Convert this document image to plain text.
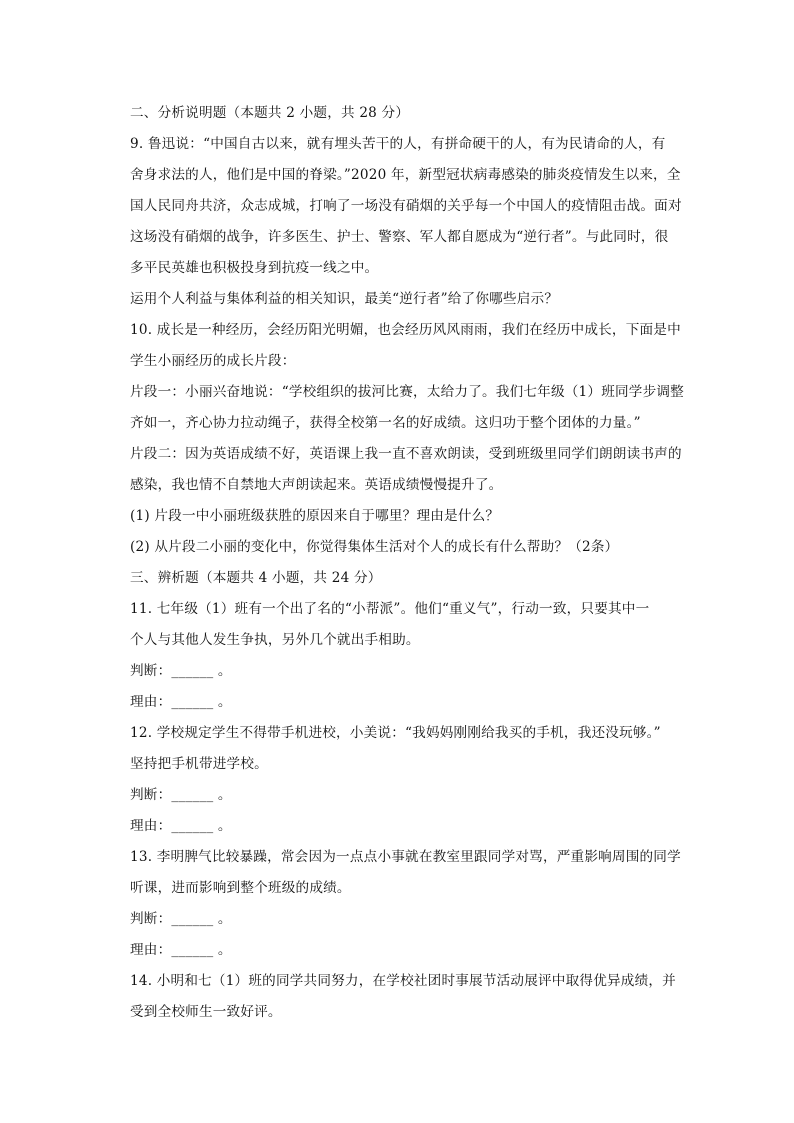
二、分析说明题（本题共 2 小题，共 28 分）
9. 鲁迅说：“中国自古以来，就有埋头苦干的人，有拼命硬干的人，有为民请命的人，有
舍身求法的人，他们是中国的脊梁。”2020 年，新型冠状病毒感染的肺炎疫情发生以来，全
国人民同舟共济，众志成城，打响了一场没有硝烟的关乎每一个中国人的疫情阻击战。面对
这场没有硝烟的战争，许多医生、护士、警察、军人都自愿成为“逆行者”。与此同时，很
多平民英雄也积极投身到抗疫一线之中。
运用个人利益与集体利益的相关知识，最美“逆行者”给了你哪些启示？
10. 成长是一种经历，会经历阳光明媚，也会经历风风雨雨，我们在经历中成长，下面是中
学生小丽经历的成长片段：
片段一：小丽兴奋地说：“学校组织的拔河比赛，太给力了。我们七年级（1）班同学步调整
齐如一，齐心协力拉动绳子，获得全校第一名的好成绩。这归功于整个团体的力量。”
片段二：因为英语成绩不好，英语课上我一直不喜欢朗读，受到班级里同学们朗朗读书声的
感染，我也情不自禁地大声朗读起来。英语成绩慢慢提升了。
(1) 片段一中小丽班级获胜的原因来自于哪里？理由是什么？
(2) 从片段二小丽的变化中，你觉得集体生活对个人的成长有什么帮助？（2条）
三、辨析题（本题共 4 小题，共 24 分）
11. 七年级（1）班有一个出了名的“小帮派”。他们“重义气”，行动一致，只要其中一
个人与其他人发生争执，另外几个就出手相助。
判断：______ 。
理由：______ 。
12. 学校规定学生不得带手机进校，小美说：“我妈妈刚刚给我买的手机，我还没玩够。”
坚持把手机带进学校。
判断：______ 。
理由：______ 。
13. 李明脾气比较暴躁，常会因为一点点小事就在教室里跟同学对骂，严重影响周围的同学
听课，进而影响到整个班级的成绩。
判断：______ 。
理由：______ 。
14. 小明和七（1）班的同学共同努力，在学校社团时事展节活动展评中取得优异成绩，并
受到全校师生一致好评。
